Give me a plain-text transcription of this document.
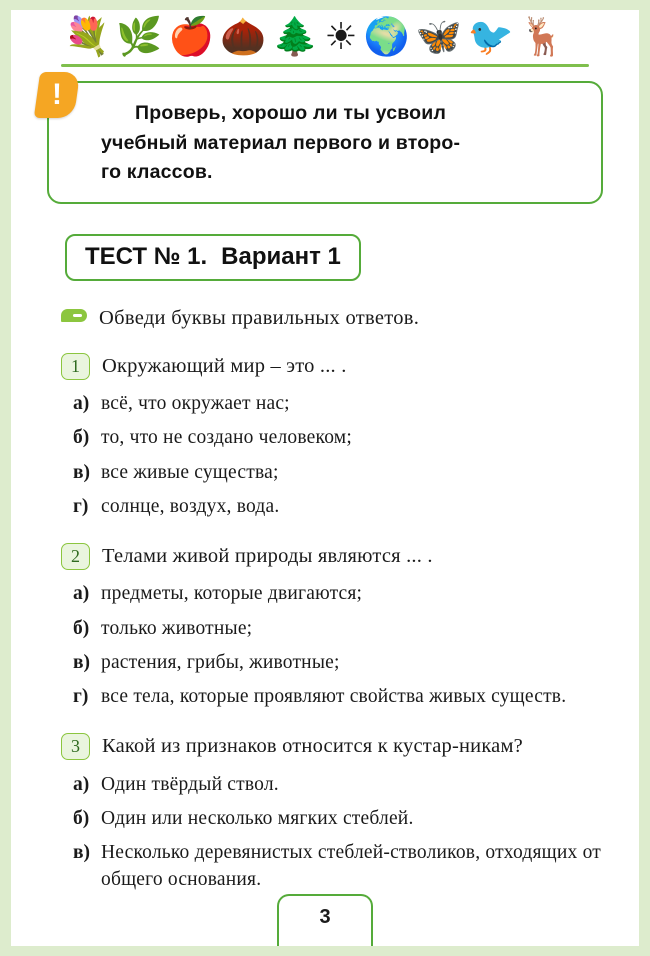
💐 🌿 🍎 🌰 🌲 ☀ 🌍 🦋 🐦 🦌
!
Проверь, хорошо ли ты усвоил
учебный материал первого и второ-
го классов.
ТЕСТ № 1. Вариант 1
Обведи буквы правильных ответов.
1	Окружающий мир – это ... .
а) всё, что окружает нас;
б) то, что не создано человеком;
в) все живые существа;
г) солнце, воздух, вода.
2	Телами живой природы являются ... .
а) предметы, которые двигаются;
б) только животные;
в) растения, грибы, животные;
г) все тела, которые проявляют свойства живых существ.
3	Какой из признаков относится к кустар-никам?
а) Один твёрдый ствол.
б) Один или несколько мягких стеблей.
в) Несколько деревянистых стеблей-стволиков, отходящих от общего основания.
3
